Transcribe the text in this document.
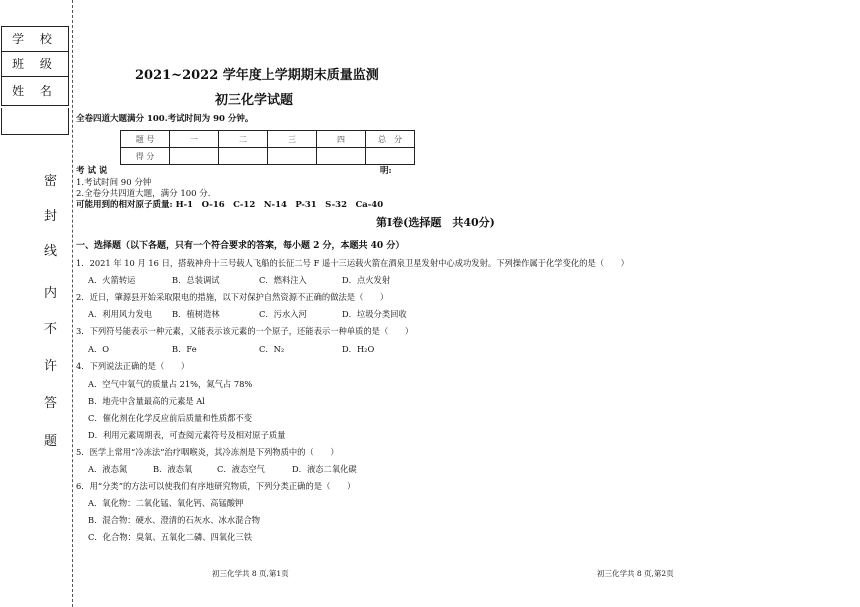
学 校
班 级
姓 名
密
封
线
内
不
许
答
题
2021~2022 学年度上学期期末质量监测
初三化学试题
全卷四道大题满分 100.考试时间为 90 分钟。
题 号	一	二	三	四	总　分
得 分					
考 试 说	明:
1.考试时间 90 分钟
2.全卷分共四道大题，满分 100 分.
可能用到的相对原子质量: H-1　O-16　C-12　N-14　P-31　S-32　Ca-40
第Ⅰ卷(选择题　共40分)
一、选择题（以下各题，只有一个符合要求的答案，每小题 2 分，本题共 40 分）
1．2021 年 10 月 16 日，搭载神舟十三号载人飞船的长征二号 F 遥十三运载火箭在酒泉卫星发射中心成功发射。下列操作属于化学变化的是（　　）
A．火箭转运	B．总装调试	C．燃料注入	D．点火发射
2．近日，肇源县开始采取限电的措施，以下对保护自然资源不正确的做法是（　　）
A．利用风力发电 B．植树造林	C．污水入河	D．垃圾分类回收
3．下列符号能表示一种元素，又能表示该元素的一个原子，还能表示一种单质的是（　　）
A．O	B．Fe	C．N₂	D．H₂O
4．下列说法正确的是（　　）
A．空气中氧气的质量占 21%，氮气占 78%
B．地壳中含量最高的元素是 Al
C．催化剂在化学反应前后质量和性质都不变
D．利用元素周期表，可查阅元素符号及相对原子质量
5．医学上常用“冷冻法”治疗咽喉炎，其冷冻剂是下列物质中的（　　）
A．液态氮	B．液态氧	C．液态空气	D．液态二氧化碳
6．用“分类”的方法可以使我们有序地研究物质，下列分类正确的是（　　）
A．氧化物：二氧化锰、氧化钙、高锰酸钾
B．混合物：硬水、澄清的石灰水、冰水混合物
C．化合物：臭氧、五氧化二磷、四氧化三铁
初三化学共 8 页,第1页	初三化学共 8 页,第2页
